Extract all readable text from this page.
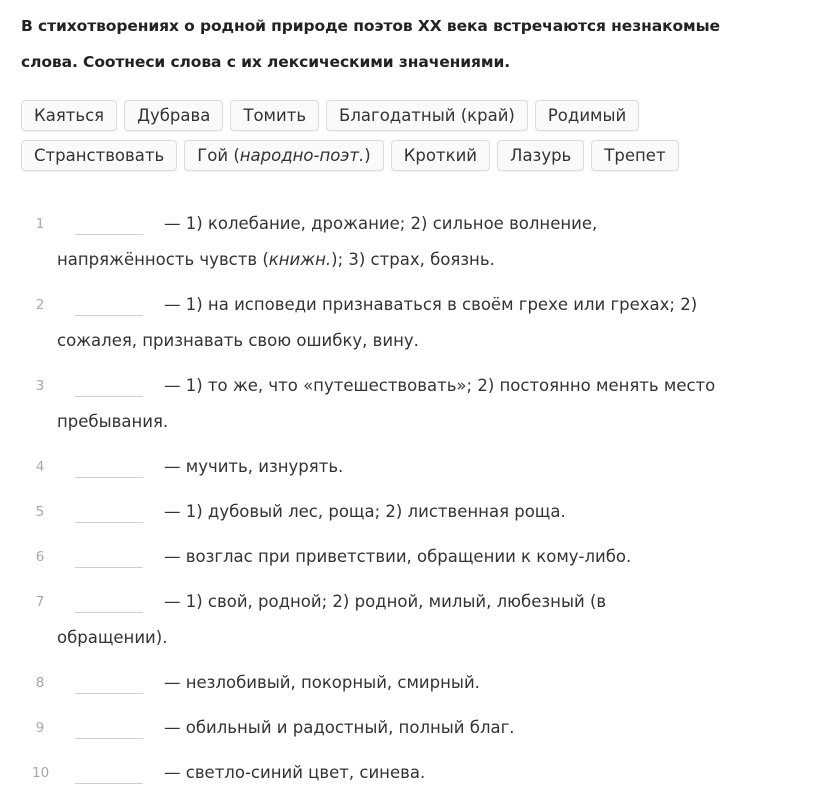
В стихотворениях о родной природе поэтов XX века встречаются незнакомые
слова. Соотнеси слова с их лексическими значениями.
Каяться	Дубрава	Томить	Благодатный (край)	Родимый
Странствовать	Гой (народно-поэт.)	Кроткий	Лазурь	Трепет
1	— 1) колебание, дрожание; 2) сильное волнение, напряжённость чувств (книжн.); 3) страх, боязнь.
2	— 1) на исповеди признаваться в своём грехе или грехах; 2) сожалея, признавать свою ошибку, вину.
3	— 1) то же, что «путешествовать»; 2) постоянно менять место пребывания.
4	— мучить, изнурять.
5	— 1) дубовый лес, роща; 2) лиственная роща.
6	— возглас при приветствии, обращении к кому-либо.
7	— 1) свой, родной; 2) родной, милый, любезный (в обращении).
8	— незлобивый, покорный, смирный.
9	— обильный и радостный, полный благ.
10	— светло-синий цвет, синева.
